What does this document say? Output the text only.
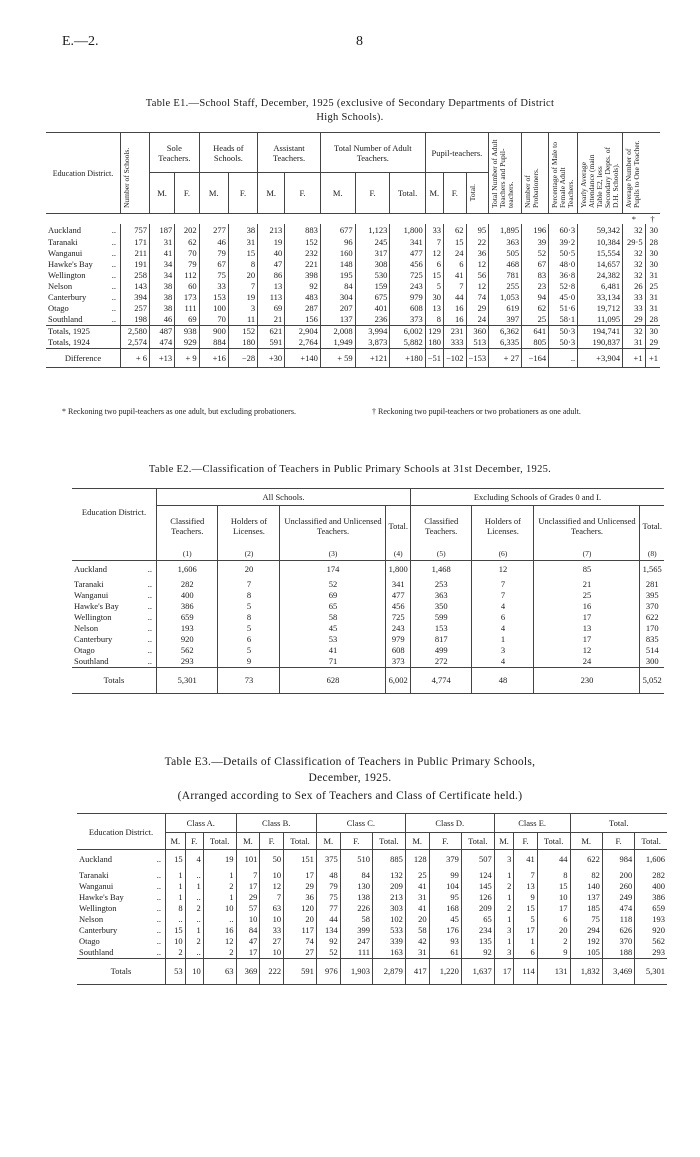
E.—2.	8
Table E1.—School Staff, December, 1925 (exclusive of Secondary Departments of District
High Schools).
Education District.	Number of Schools.	Sole Teachers.		Heads of Schools.		Assistant Teachers.		Total Number of Adult Teachers.			Pupil-teachers.			Total Number of Adult Teachers and Pupil-teachers.	Number of Probationers.	Percentage of Male to Female Adult Teachers.	Yearly Average Attendance (main Table E2, less Secondary Depts. of D.H. Schools).	Average Number of Pupils to One Teacher.	

		M.	F.	M.	F.	M.	F.	M.	F.	Total.	M.	F.	Total.						

																		*	†
Auckland ..	757	187	202	277	38	213	883	677	1,123	1,800	33	62	95	1,895	196	60·3	59,342	32	30
Taranaki ..	171	31	62	46	31	19	152	96	245	341	7	15	22	363	39	39·2	10,384	29·5	28
Wanganui ..	211	41	70	79	15	40	232	160	317	477	12	24	36	505	52	50·5	15,554	32	30
Hawke's Bay ..	191	34	79	67	8	47	221	148	308	456	6	6	12	468	67	48·0	14,657	32	30
Wellington ..	258	34	112	75	20	86	398	195	530	725	15	41	56	781	83	36·8	24,382	32	31
Nelson ..	143	38	60	33	7	13	92	84	159	243	5	7	12	255	23	52·8	6,481	26	25
Canterbury ..	394	38	173	153	19	113	483	304	675	979	30	44	74	1,053	94	45·0	33,134	33	31
Otago ..	257	38	111	100	3	69	287	207	401	608	13	16	29	619	62	51·6	19,712	33	31
Southland ..	198	46	69	70	11	21	156	137	236	373	8	16	24	397	25	58·1	11,095	29	28
Totals, 1925	2,580	487	938	900	152	621	2,904	2,008	3,994	6,002	129	231	360	6,362	641	50·3	194,741	32	30
Totals, 1924	2,574	474	929	884	180	591	2,764	1,949	3,873	5,882	180	333	513	6,335	805	50·3	190,837	31	29
Difference	+ 6	+13	+ 9	+16	−28	+30	+140	+ 59	+121	+180	−51	−102	−153	+ 27	−164	..	+3,904	+1	+1
* Reckoning two pupil-teachers as one adult, but excluding probationers.	† Reckoning two pupil-teachers or two probationers as one adult.
Table E2.—Classification of Teachers in Public Primary Schools at 31st December, 1925.
Education District.	All Schools.				Excluding Schools of Grades 0 and I.			
	Classified Teachers.	Holders of Licenses.	Unclassified and Unlicensed Teachers.	Total.	Classified Teachers.	Holders of Licenses.	Unclassified and Unlicensed Teachers.	Total.
	(1)	(2)	(3)	(4)	(5)	(6)	(7)	(8)
Auckland ..	1,606	20	174	1,800	1,468	12	85	1,565
Taranaki ..	282	7	52	341	253	7	21	281
Wanganui ..	400	8	69	477	363	7	25	395
Hawke's Bay ..	386	5	65	456	350	4	16	370
Wellington ..	659	8	58	725	599	6	17	622
Nelson ..	193	5	45	243	153	4	13	170
Canterbury ..	920	6	53	979	817	1	17	835
Otago ..	562	5	41	608	499	3	12	514
Southland ..	293	9	71	373	272	4	24	300
Totals	5,301	73	628	6,002	4,774	48	230	5,052
Table E3.—Details of Classification of Teachers in Public Primary Schools,
December, 1925.
(Arranged according to Sex of Teachers and Class of Certificate held.)
Education District.	Class A.			Class B.			Class C.			Class D.			Class E.			Total.		
	M.	F.	Total.	M.	F.	Total.	M.	F.	Total.	M.	F.	Total.	M.	F.	Total.	M.	F.	Total.
Auckland ..	15	4	19	101	50	151	375	510	885	128	379	507	3	41	44	622	984	1,606
Taranaki ..	1	..	1	7	10	17	48	84	132	25	99	124	1	7	8	82	200	282
Wanganui ..	1	1	2	17	12	29	79	130	209	41	104	145	2	13	15	140	260	400
Hawke's Bay ..	1	..	1	29	7	36	75	138	213	31	95	126	1	9	10	137	249	386
Wellington ..	8	2	10	57	63	120	77	226	303	41	168	209	2	15	17	185	474	659
Nelson ..	..	..	..	10	10	20	44	58	102	20	45	65	1	5	6	75	118	193
Canterbury ..	15	1	16	84	33	117	134	399	533	58	176	234	3	17	20	294	626	920
Otago ..	10	2	12	47	27	74	92	247	339	42	93	135	1	1	2	192	370	562
Southland ..	2	..	2	17	10	27	52	111	163	31	61	92	3	6	9	105	188	293
Totals	53	10	63	369	222	591	976	1,903	2,879	417	1,220	1,637	17	114	131	1,832	3,469	5,301
